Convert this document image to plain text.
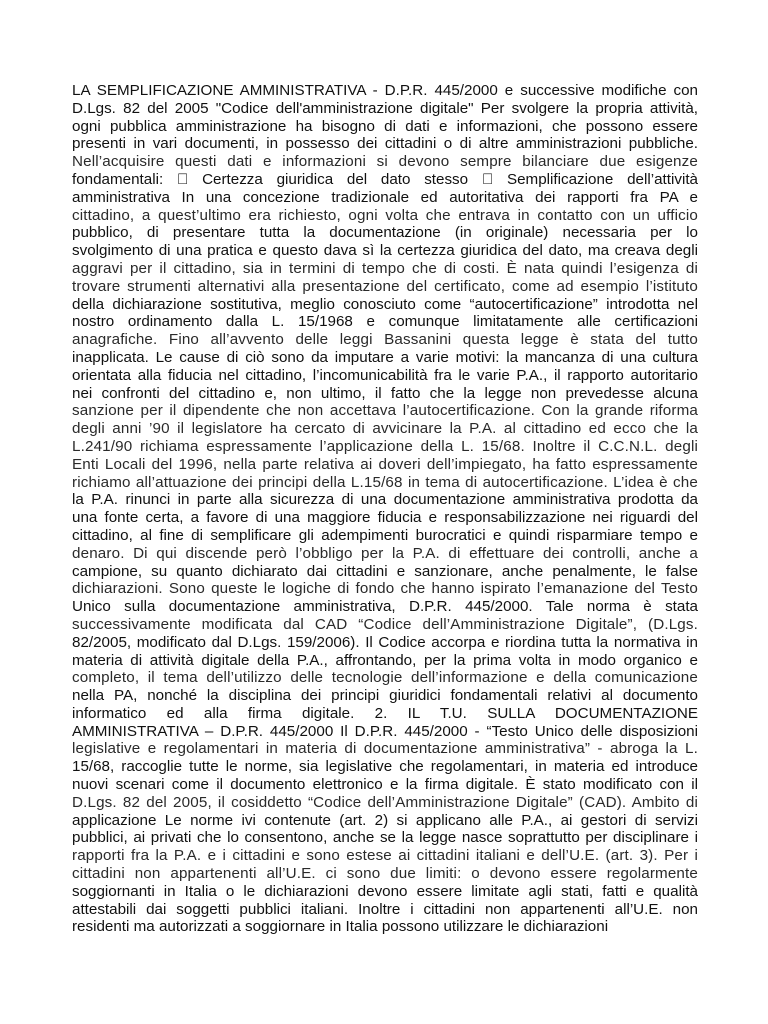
LA SEMPLIFICAZIONE AMMINISTRATIVA - D.P.R. 445/2000 e successive modifiche con
D.Lgs. 82 del 2005 "Codice dell'amministrazione digitale" Per svolgere la propria attività,
ogni pubblica amministrazione ha bisogno di dati e informazioni, che possono essere
presenti in vari documenti, in possesso dei cittadini o di altre amministrazioni pubbliche.
Nell’acquisire questi dati e informazioni si devono sempre bilanciare due esigenze
fondamentali: Certezza giuridica del dato stesso Semplificazione dell’attività
amministrativa In una concezione tradizionale ed autoritativa dei rapporti fra PA e
cittadino, a quest’ultimo era richiesto, ogni volta che entrava in contatto con un ufficio
pubblico, di presentare tutta la documentazione (in originale) necessaria per lo
svolgimento di una pratica e questo dava sì la certezza giuridica del dato, ma creava degli
aggravi per il cittadino, sia in termini di tempo che di costi. È nata quindi l’esigenza di
trovare strumenti alternativi alla presentazione del certificato, come ad esempio l’istituto
della dichiarazione sostitutiva, meglio conosciuto come “autocertificazione” introdotta nel
nostro ordinamento dalla L. 15/1968 e comunque limitatamente alle certificazioni
anagrafiche. Fino all’avvento delle leggi Bassanini questa legge è stata del tutto
inapplicata. Le cause di ciò sono da imputare a varie motivi: la mancanza di una cultura
orientata alla fiducia nel cittadino, l’incomunicabilità fra le varie P.A., il rapporto autoritario
nei confronti del cittadino e, non ultimo, il fatto che la legge non prevedesse alcuna
sanzione per il dipendente che non accettava l’autocertificazione. Con la grande riforma
degli anni ’90 il legislatore ha cercato di avvicinare la P.A. al cittadino ed ecco che la
L.241/90 richiama espressamente l’applicazione della L. 15/68. Inoltre il C.C.N.L. degli
Enti Locali del 1996, nella parte relativa ai doveri dell’impiegato, ha fatto espressamente
richiamo all’attuazione dei principi della L.15/68 in tema di autocertificazione. L’idea è che
la P.A. rinunci in parte alla sicurezza di una documentazione amministrativa prodotta da
una fonte certa, a favore di una maggiore fiducia e responsabilizzazione nei riguardi del
cittadino, al fine di semplificare gli adempimenti burocratici e quindi risparmiare tempo e
denaro. Di qui discende però l’obbligo per la P.A. di effettuare dei controlli, anche a
campione, su quanto dichiarato dai cittadini e sanzionare, anche penalmente, le false
dichiarazioni. Sono queste le logiche di fondo che hanno ispirato l’emanazione del Testo
Unico sulla documentazione amministrativa, D.P.R. 445/2000. Tale norma è stata
successivamente modificata dal CAD “Codice dell’Amministrazione Digitale”, (D.Lgs.
82/2005, modificato dal D.Lgs. 159/2006). Il Codice accorpa e riordina tutta la normativa in
materia di attività digitale della P.A., affrontando, per la prima volta in modo organico e
completo, il tema dell’utilizzo delle tecnologie dell’informazione e della comunicazione
nella PA, nonché la disciplina dei principi giuridici fondamentali relativi al documento
informatico ed alla firma digitale. 2. IL T.U. SULLA DOCUMENTAZIONE
AMMINISTRATIVA – D.P.R. 445/2000 Il D.P.R. 445/2000 - “Testo Unico delle disposizioni
legislative e regolamentari in materia di documentazione amministrativa” - abroga la L.
15/68, raccoglie tutte le norme, sia legislative che regolamentari, in materia ed introduce
nuovi scenari come il documento elettronico e la firma digitale. È stato modificato con il
D.Lgs. 82 del 2005, il cosiddetto “Codice dell’Amministrazione Digitale” (CAD). Ambito di
applicazione Le norme ivi contenute (art. 2) si applicano alle P.A., ai gestori di servizi
pubblici, ai privati che lo consentono, anche se la legge nasce soprattutto per disciplinare i
rapporti fra la P.A. e i cittadini e sono estese ai cittadini italiani e dell’U.E. (art. 3). Per i
cittadini non appartenenti all’U.E. ci sono due limiti: o devono essere regolarmente
soggiornanti in Italia o le dichiarazioni devono essere limitate agli stati, fatti e qualità
attestabili dai soggetti pubblici italiani. Inoltre i cittadini non appartenenti all’U.E. non
residenti ma autorizzati a soggiornare in Italia possono utilizzare le dichiarazioni
